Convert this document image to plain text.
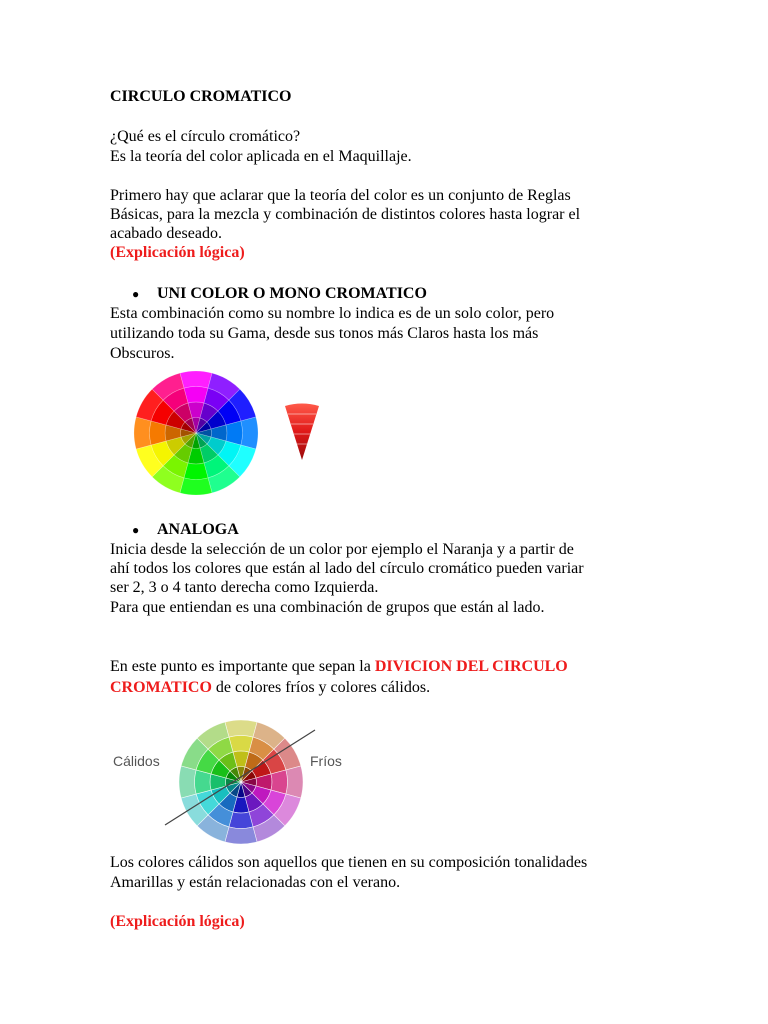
CIRCULO CROMATICO
¿Qué es el círculo cromático?
Es la teoría del color aplicada en el Maquillaje.
Primero hay que aclarar que la teoría del color es un conjunto de Reglas
Básicas, para la mezcla y combinación de distintos colores hasta lograr el
acabado deseado.
(Explicación lógica)
● UNI COLOR O MONO CROMATICO
Esta combinación como su nombre lo indica es de un solo color, pero
utilizando toda su Gama, desde sus tonos más Claros hasta los más
Obscuros.
● ANALOGA
Inicia desde la selección de un color por ejemplo el Naranja y a partir de
ahí todos los colores que están al lado del círculo cromático pueden variar
ser 2, 3 o 4 tanto derecha como Izquierda.
Para que entiendan es una combinación de grupos que están al lado.
En este punto es importante que sepan la DIVICION DEL CIRCULO
CROMATICO de colores fríos y colores cálidos.
Los colores cálidos son aquellos que tienen en su composición tonalidades
Amarillas y están relacionadas con el verano.
(Explicación lógica)
Cálidos	Fríos
